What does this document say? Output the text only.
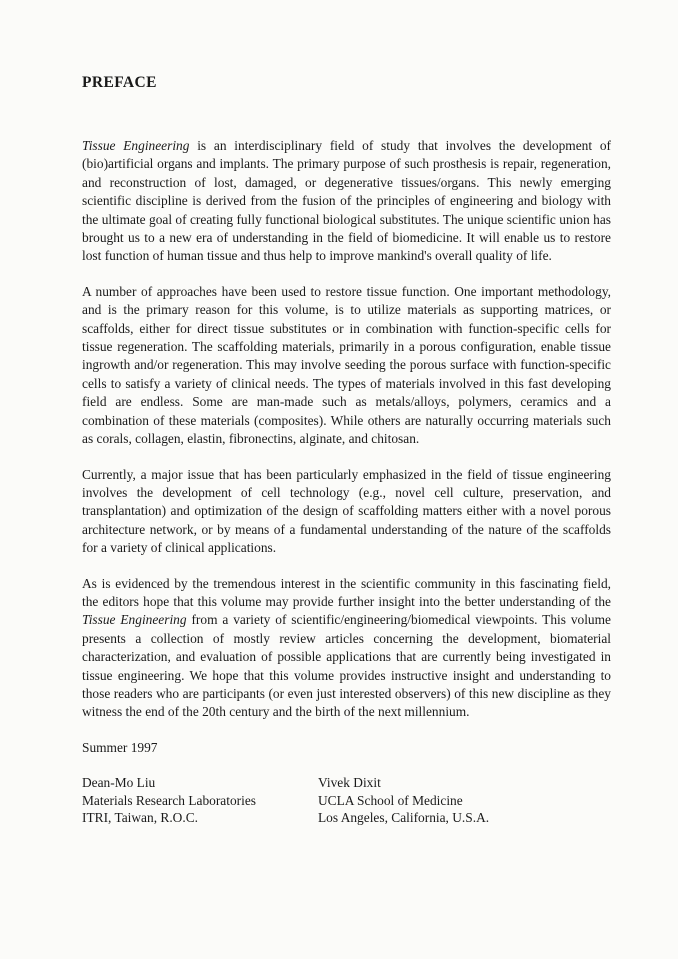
PREFACE

Tissue Engineering is an interdisciplinary field of study that involves the development of (bio)artificial organs and implants. The primary purpose of such prosthesis is repair, regeneration, and reconstruction of lost, damaged, or degenerative tissues/organs. This newly emerging scientific discipline is derived from the fusion of the principles of engineering and biology with the ultimate goal of creating fully functional biological substitutes. The unique scientific union has brought us to a new era of understanding in the field of biomedicine. It will enable us to restore lost function of human tissue and thus help to improve mankind's overall quality of life.

A number of approaches have been used to restore tissue function. One important methodology, and is the primary reason for this volume, is to utilize materials as supporting matrices, or scaffolds, either for direct tissue substitutes or in combination with function-specific cells for tissue regeneration. The scaffolding materials, primarily in a porous configuration, enable tissue ingrowth and/or regeneration. This may involve seeding the porous surface with function-specific cells to satisfy a variety of clinical needs. The types of materials involved in this fast developing field are endless. Some are man-made such as metals/alloys, polymers, ceramics and a combination of these materials (composites). While others are naturally occurring materials such as corals, collagen, elastin, fibronectins, alginate, and chitosan.

Currently, a major issue that has been particularly emphasized in the field of tissue engineering involves the development of cell technology (e.g., novel cell culture, preservation, and transplantation) and optimization of the design of scaffolding matters either with a novel porous architecture network, or by means of a fundamental understanding of the nature of the scaffolds for a variety of clinical applications.

As is evidenced by the tremendous interest in the scientific community in this fascinating field, the editors hope that this volume may provide further insight into the better understanding of the Tissue Engineering from a variety of scientific/engineering/biomedical viewpoints. This volume presents a collection of mostly review articles concerning the development, biomaterial characterization, and evaluation of possible applications that are currently being investigated in tissue engineering. We hope that this volume provides instructive insight and understanding to those readers who are participants (or even just interested observers) of this new discipline as they witness the end of the 20th century and the birth of the next millennium.

Summer 1997
Dean-Mo Liu
Materials Research Laboratories
ITRI, Taiwan, R.O.C.
Vivek Dixit
UCLA School of Medicine
Los Angeles, California, U.S.A.
